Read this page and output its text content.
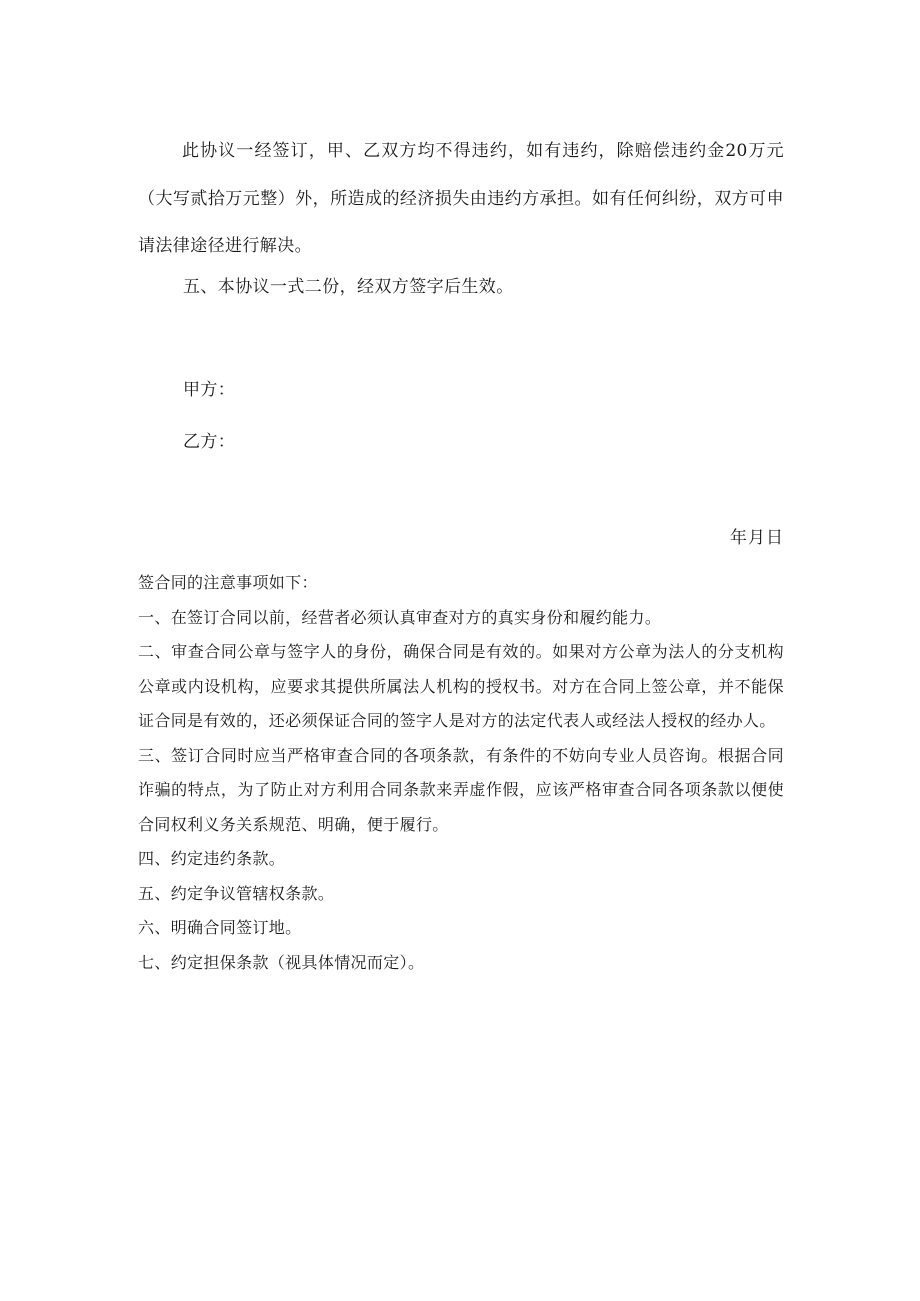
此协议一经签订，甲、乙双方均不得违约，如有违约，除赔偿违约金20万元（大写贰拾万元整）外，所造成的经济损失由违约方承担。如有任何纠纷，双方可申请法律途径进行解决。

五、本协议一式二份，经双方签字后生效。

甲方：

乙方：

年月日

签合同的注意事项如下：

一、在签订合同以前，经营者必须认真审查对方的真实身份和履约能力。

二、审查合同公章与签字人的身份，确保合同是有效的。如果对方公章为法人的分支机构公章或内设机构，应要求其提供所属法人机构的授权书。对方在合同上签公章，并不能保证合同是有效的，还必须保证合同的签字人是对方的法定代表人或经法人授权的经办人。

三、签订合同时应当严格审查合同的各项条款，有条件的不妨向专业人员咨询。根据合同诈骗的特点，为了防止对方利用合同条款来弄虚作假，应该严格审查合同各项条款以便使合同权利义务关系规范、明确，便于履行。

四、约定违约条款。

五、约定争议管辖权条款。

六、明确合同签订地。

七、约定担保条款（视具体情况而定）。
